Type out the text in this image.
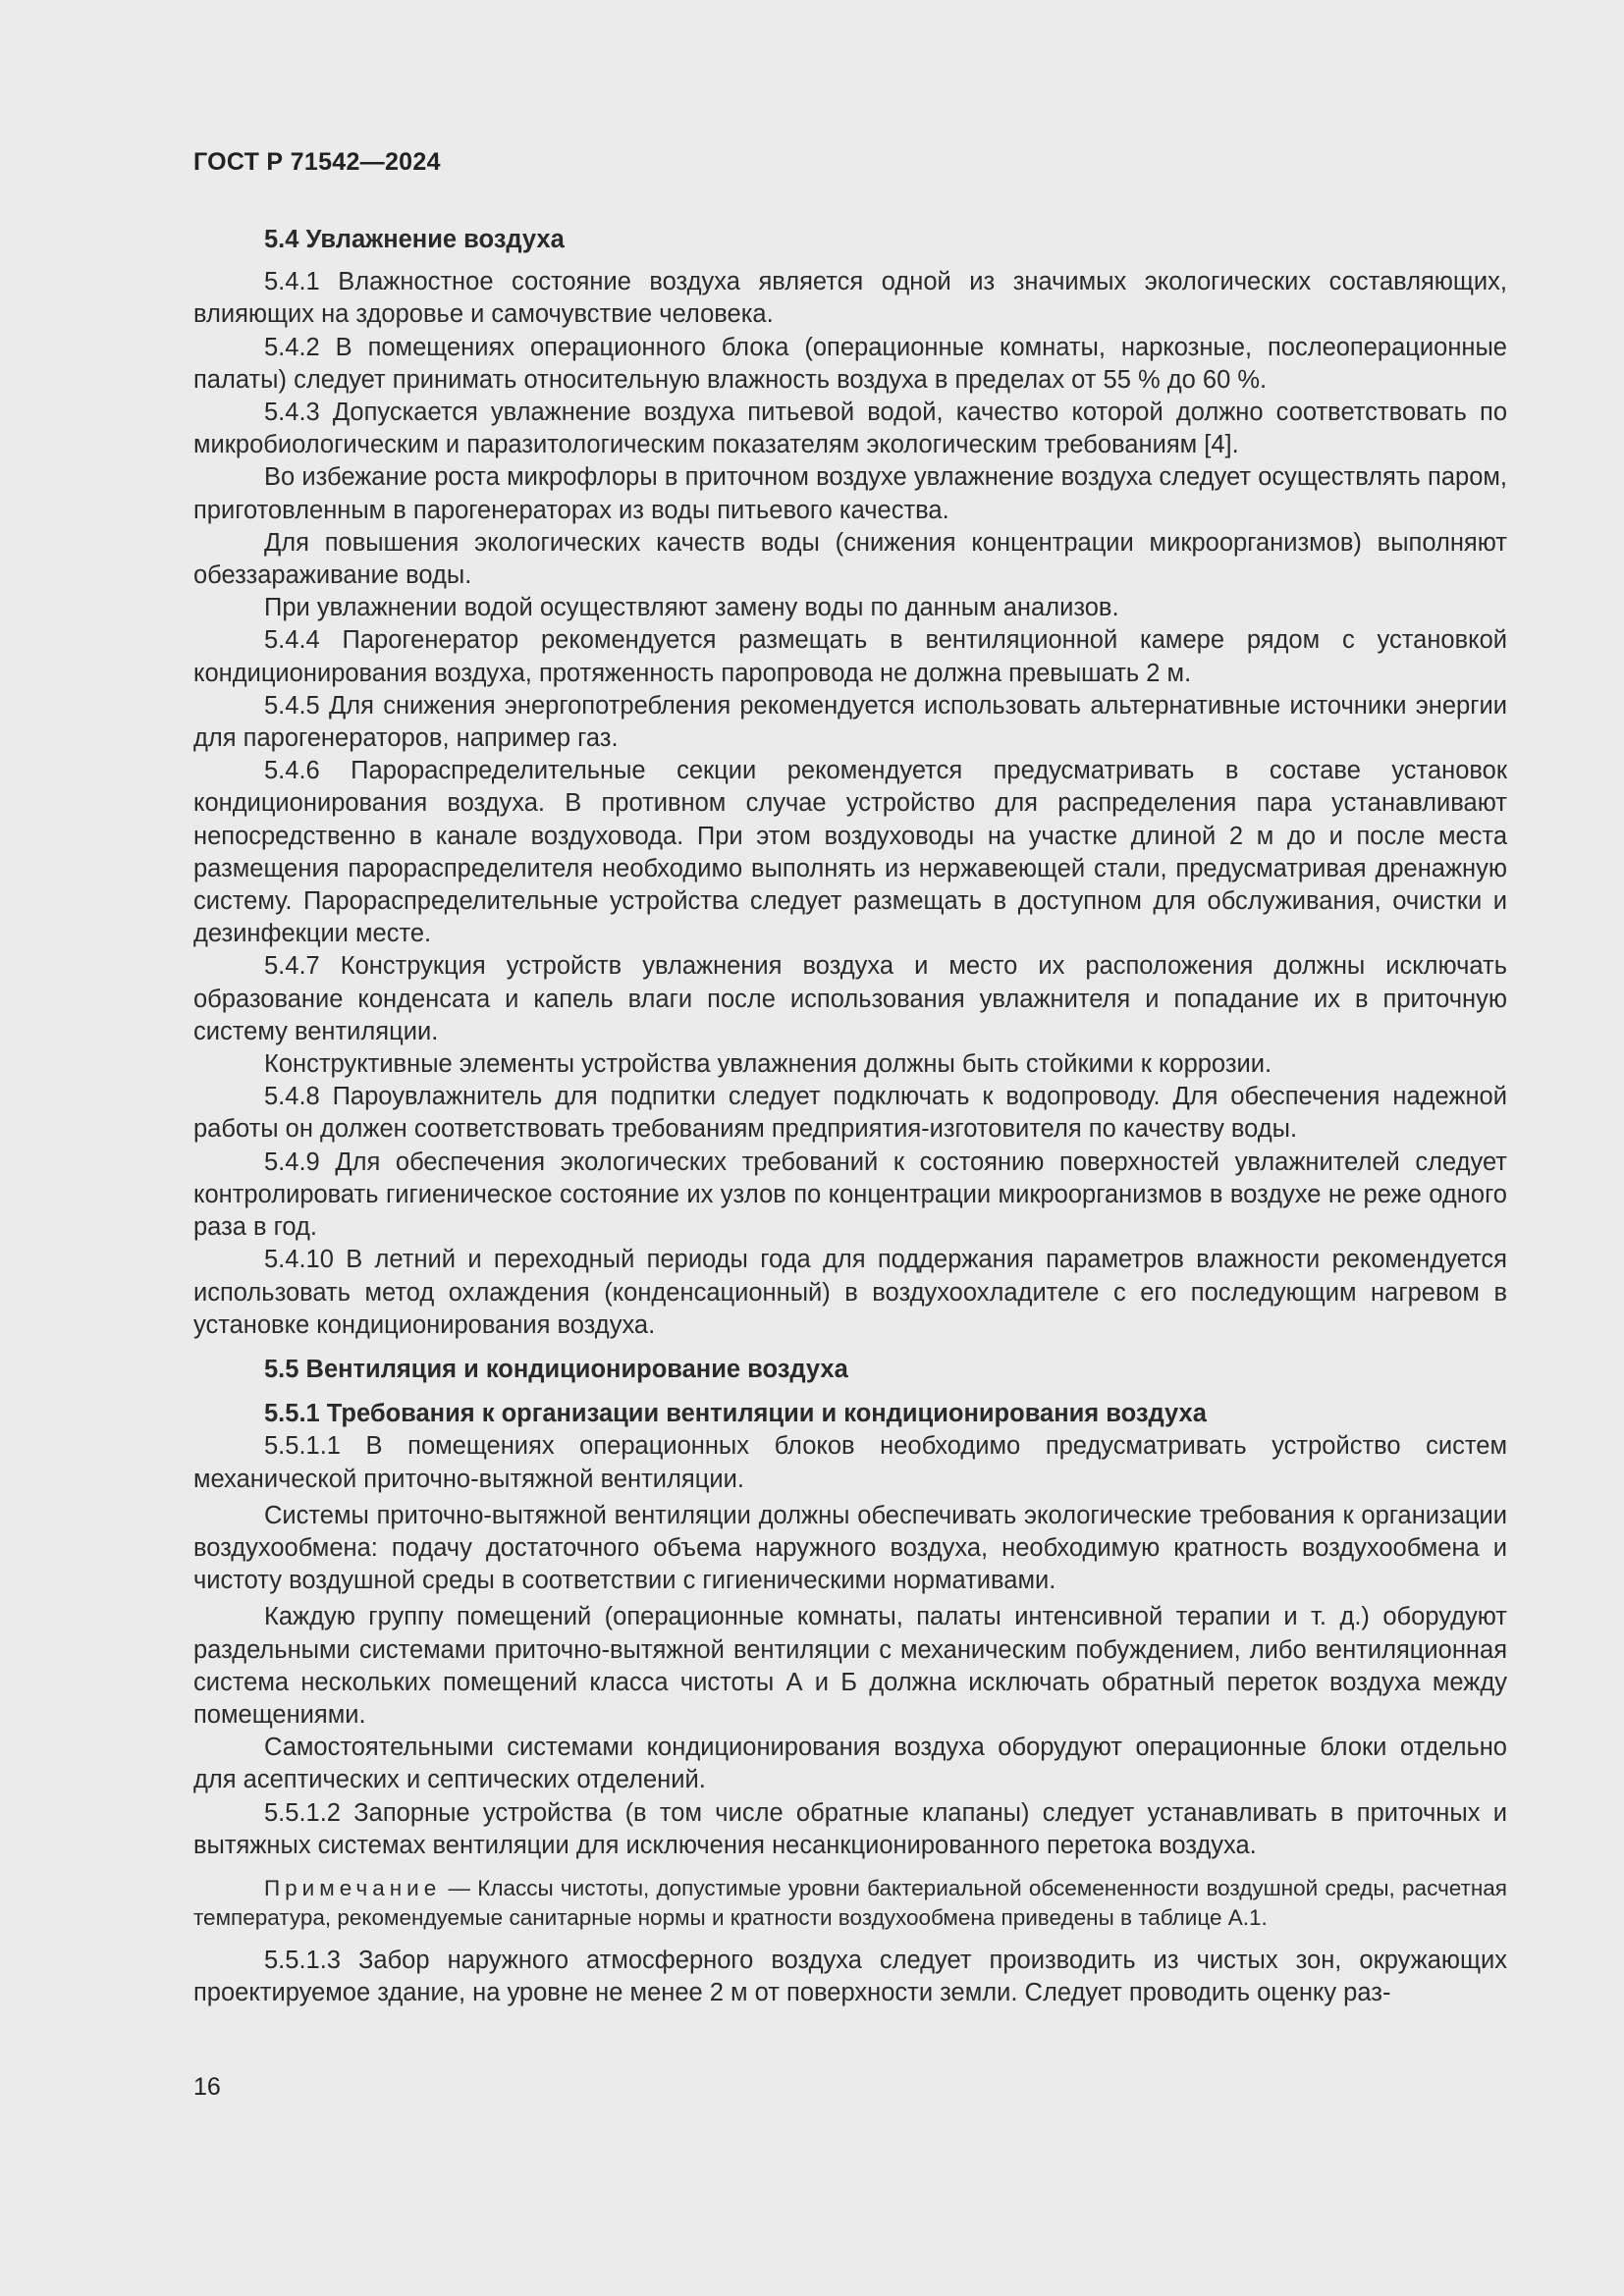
ГОСТ Р 71542—2024

5.4 Увлажнение воздуха

5.4.1 Влажностное состояние воздуха является одной из значимых экологических составляющих, влияющих на здоровье и самочувствие человека.

5.4.2 В помещениях операционного блока (операционные комнаты, наркозные, послеоперационные палаты) следует принимать относительную влажность воздуха в пределах от 55 % до 60 %.

5.4.3 Допускается увлажнение воздуха питьевой водой, качество которой должно соответствовать по микробиологическим и паразитологическим показателям экологическим требованиям [4].

Во избежание роста микрофлоры в приточном воздухе увлажнение воздуха следует осуществлять паром, приготовленным в парогенераторах из воды питьевого качества.

Для повышения экологических качеств воды (снижения концентрации микроорганизмов) выполняют обеззараживание воды.

При увлажнении водой осуществляют замену воды по данным анализов.

5.4.4 Парогенератор рекомендуется размещать в вентиляционной камере рядом с установкой кондиционирования воздуха, протяженность паропровода не должна превышать 2 м.

5.4.5 Для снижения энергопотребления рекомендуется использовать альтернативные источники энергии для парогенераторов, например газ.

5.4.6 Парораспределительные секции рекомендуется предусматривать в составе установок кондиционирования воздуха. В противном случае устройство для распределения пара устанавливают непосредственно в канале воздуховода. При этом воздуховоды на участке длиной 2 м до и после места размещения парораспределителя необходимо выполнять из нержавеющей стали, предусматривая дренажную систему. Парораспределительные устройства следует размещать в доступном для обслуживания, очистки и дезинфекции месте.

5.4.7 Конструкция устройств увлажнения воздуха и место их расположения должны исключать образование конденсата и капель влаги после использования увлажнителя и попадание их в приточную систему вентиляции.

Конструктивные элементы устройства увлажнения должны быть стойкими к коррозии.

5.4.8 Пароувлажнитель для подпитки следует подключать к водопроводу. Для обеспечения надежной работы он должен соответствовать требованиям предприятия-изготовителя по качеству воды.

5.4.9 Для обеспечения экологических требований к состоянию поверхностей увлажнителей следует контролировать гигиеническое состояние их узлов по концентрации микроорганизмов в воздухе не реже одного раза в год.

5.4.10 В летний и переходный периоды года для поддержания параметров влажности рекомендуется использовать метод охлаждения (конденсационный) в воздухоохладителе с его последующим нагревом в установке кондиционирования воздуха.

5.5 Вентиляция и кондиционирование воздуха

5.5.1 Требования к организации вентиляции и кондиционирования воздуха

5.5.1.1 В помещениях операционных блоков необходимо предусматривать устройство систем механической приточно-вытяжной вентиляции.

Системы приточно-вытяжной вентиляции должны обеспечивать экологические требования к организации воздухообмена: подачу достаточного объема наружного воздуха, необходимую кратность воздухообмена и чистоту воздушной среды в соответствии с гигиеническими нормативами.

Каждую группу помещений (операционные комнаты, палаты интенсивной терапии и т. д.) оборудуют раздельными системами приточно-вытяжной вентиляции с механическим побуждением, либо вентиляционная система нескольких помещений класса чистоты А и Б должна исключать обратный переток воздуха между помещениями.

Самостоятельными системами кондиционирования воздуха оборудуют операционные блоки отдельно для асептических и септических отделений.

5.5.1.2 Запорные устройства (в том числе обратные клапаны) следует устанавливать в приточных и вытяжных системах вентиляции для исключения несанкционированного перетока воздуха.

Примечание — Классы чистоты, допустимые уровни бактериальной обсемененности воздушной среды, расчетная температура, рекомендуемые санитарные нормы и кратности воздухообмена приведены в таблице А.1.

5.5.1.3 Забор наружного атмосферного воздуха следует производить из чистых зон, окружающих проектируемое здание, на уровне не менее 2 м от поверхности земли. Следует проводить оценку раз-

16
